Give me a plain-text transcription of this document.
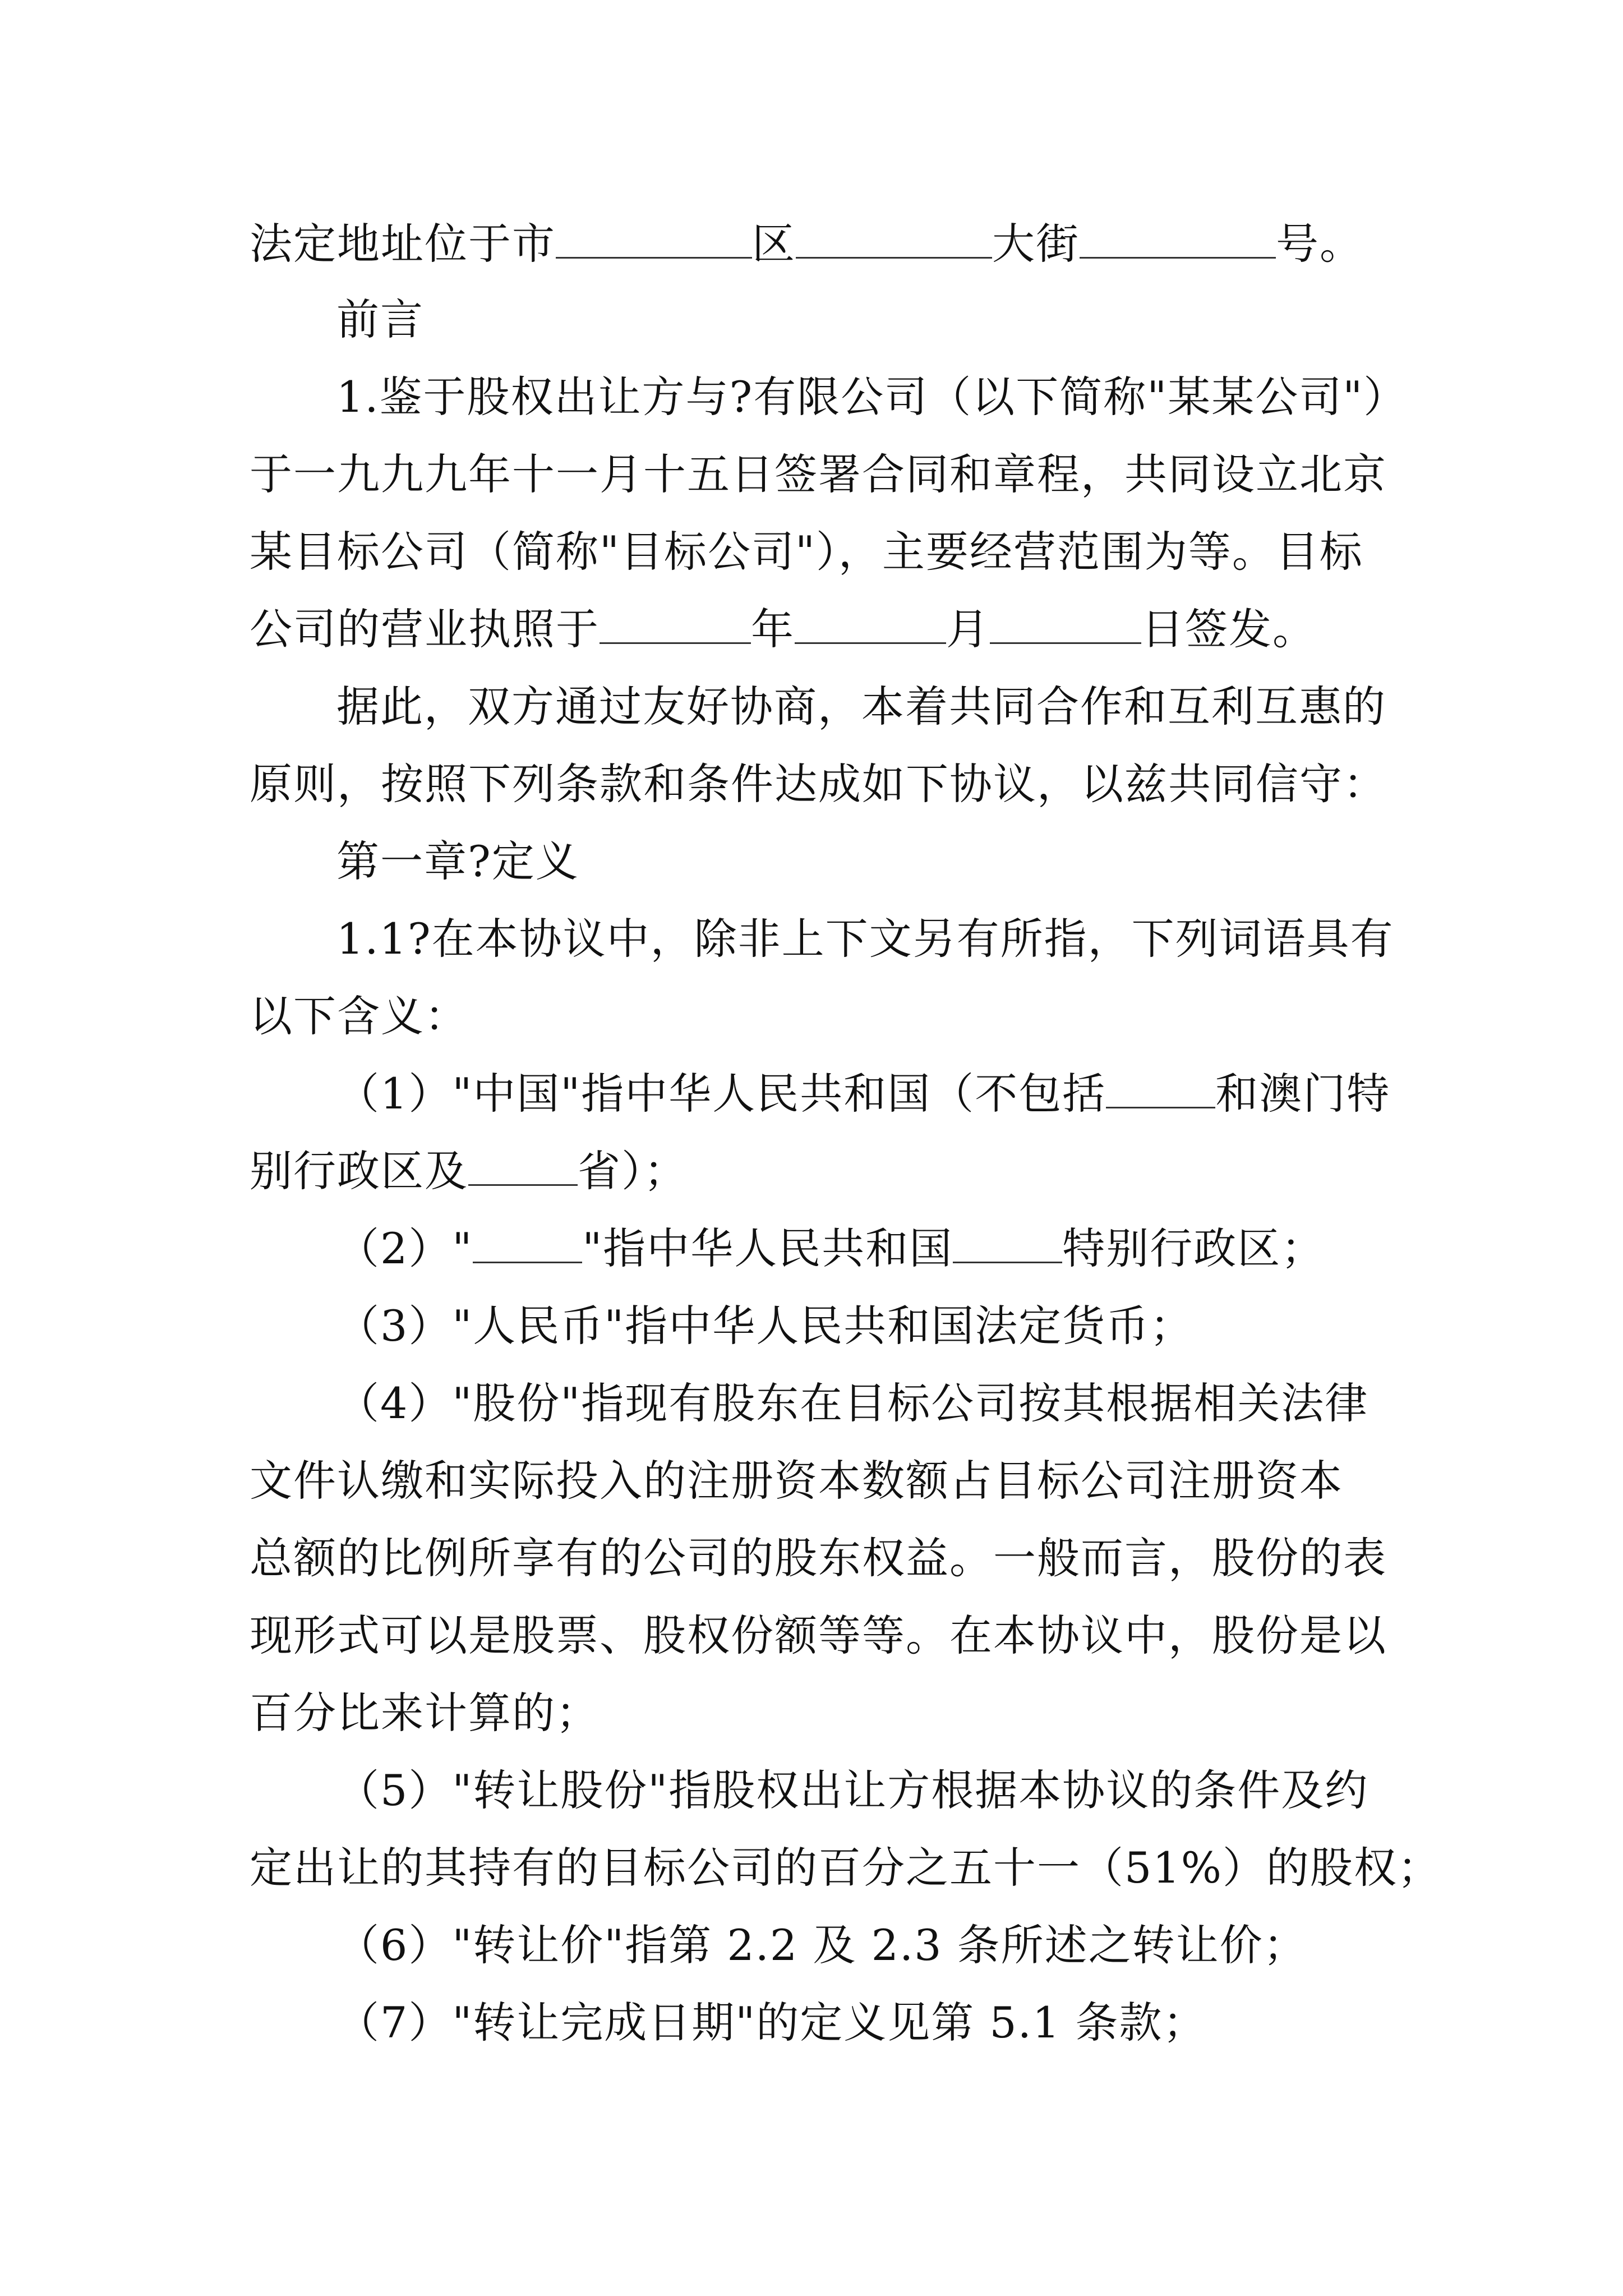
法定地址位于市	区	大街	号。
前言
1.鉴于股权出让方与?有限公司（以下简称"某某公司"）
于一九九九年十一月十五日签署合同和章程，共同设立北京
某目标公司（简称"目标公司"），主要经营范围为等。目标
公司的营业执照于	年	月	日签发。
据此，双方通过友好协商，本着共同合作和互利互惠的
原则，按照下列条款和条件达成如下协议，以兹共同信守：
第一章?定义
1.1?在本协议中，除非上下文另有所指，下列词语具有
以下含义：
（1）"中国"指中华人民共和国（不包括	和澳门特
别行政区及	省）；
（2）"	"指中华人民共和国	特别行政区；
（3）"人民币"指中华人民共和国法定货币；
（4）"股份"指现有股东在目标公司按其根据相关法律
文件认缴和实际投入的注册资本数额占目标公司注册资本
总额的比例所享有的公司的股东权益。一般而言，股份的表
现形式可以是股票、股权份额等等。在本协议中，股份是以
百分比来计算的；
（5）"转让股份"指股权出让方根据本协议的条件及约
定出让的其持有的目标公司的百分之五十一（51%）的股权；
（6）"转让价"指第 2.2 及 2.3 条所述之转让价；
（7）"转让完成日期"的定义见第 5.1 条款；
